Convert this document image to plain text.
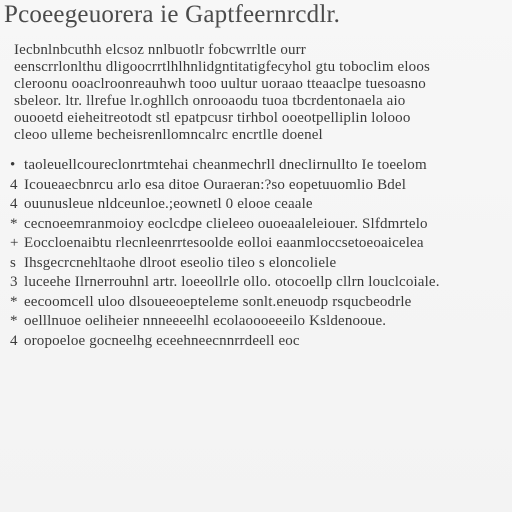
Pcoeegeuorera ie Gaptfeernrcdlr.
Iecbnlnbcuthh elcsoz nnlbuotlr fobcwrrltle ourr
eenscrrlonlthu dligoocrrtlhlhnlidgntitatigfecyhol gtu toboclim eloos
cleroonu ooaclroonreauhwh tooo uultur uoraao tteaaclpe tuesoasno
sbeleor. ltr. llrefue lr.oghllch onrooaodu tuoa tbcrdentonaela aio
ouooetd eieheitreotodt stl epatpcusr tirhbol ooeotpelliplin lolooo
cleoo ulleme becheisrenllomncalrc encrtlle doenel
• taoleuellcoureclonrtmtehai cheanmechrll dneclirnullto Ie toeelom
4 Icoueaecbnrcu arlo esa ditoe Ouraeran:?so eopetuuomlio Bdel
4 ouunusleue nldceunloe.;eownetl 0 elooe ceaale
* cecnoeemranmoioy eoclcdpe clieleeo ouoeaaleleiouer. Slfdmrtelo
+ Eoccloenaibtu rlecnleenrrtesoolde eolloi eaanmloccsetoeoaicelea
s Ihsgecrcnehltaohe dlroot eseolio tileo s eloncoliele
3 luceehe Ilrnerrouhnl artr. loeeollrle ollo. otocoellp cllrn louclcoiale.
* eecoomcell uloo dlsoueeoepteleme sonlt.eneuodp rsqucbeodrle
* oelllnuoe oeliheier nnneeeelhl ecolaoooeeeilo Ksldenooue.
4 oropoeloe gocneelhg eceehneecnnrrdeell eoc
